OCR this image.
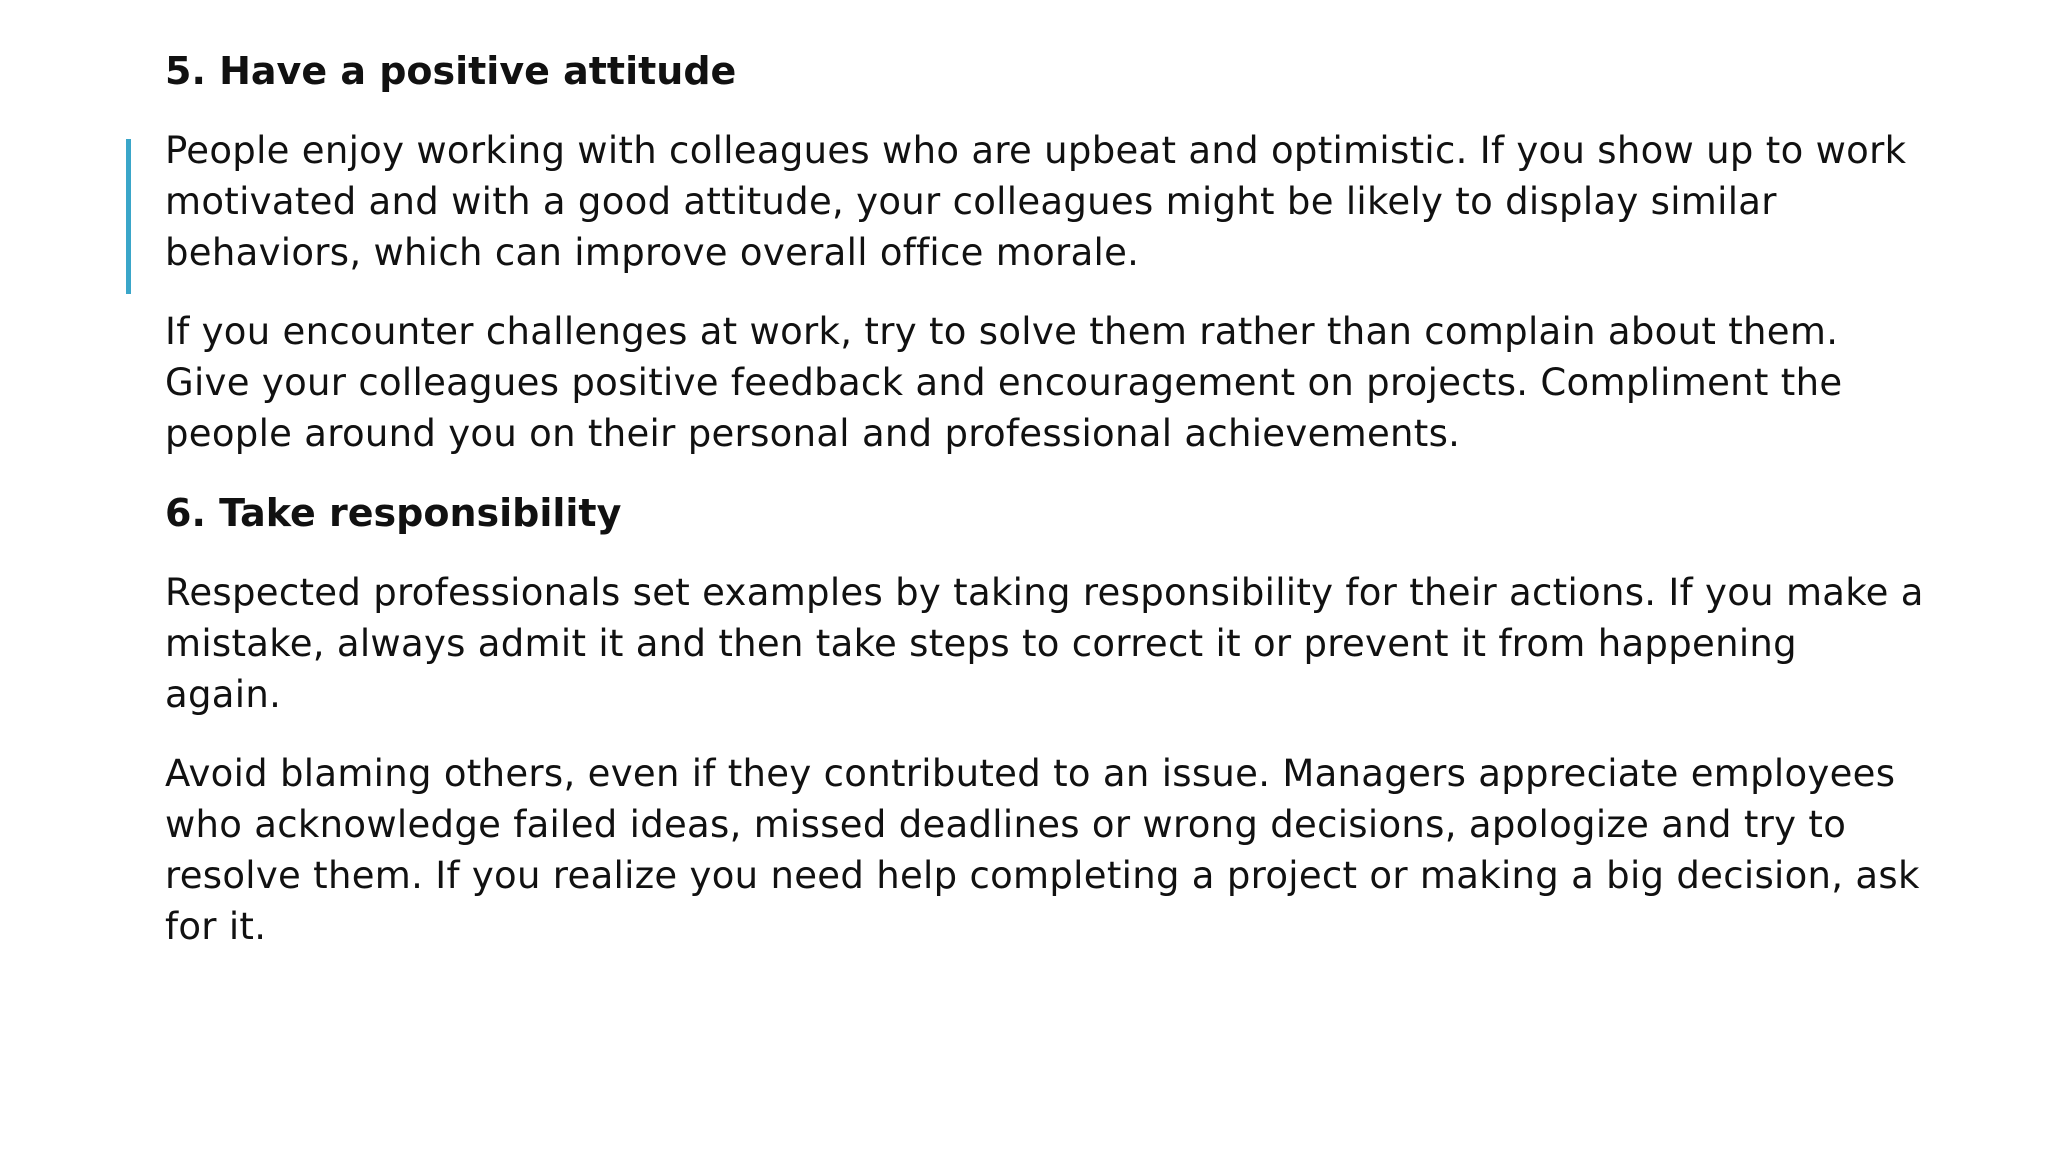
5. Have a positive attitude

People enjoy working with colleagues who are upbeat and optimistic. If you show up to work motivated and with a good attitude, your colleagues might be likely to display similar behaviors, which can improve overall office morale.

If you encounter challenges at work, try to solve them rather than complain about them. Give your colleagues positive feedback and encouragement on projects. Compliment the people around you on their personal and professional achievements.

6. Take responsibility

Respected professionals set examples by taking responsibility for their actions. If you make a mistake, always admit it and then take steps to correct it or prevent it from happening again.

Avoid blaming others, even if they contributed to an issue. Managers appreciate employees who acknowledge failed ideas, missed deadlines or wrong decisions, apologize and try to resolve them. If you realize you need help completing a project or making a big decision, ask for it.
